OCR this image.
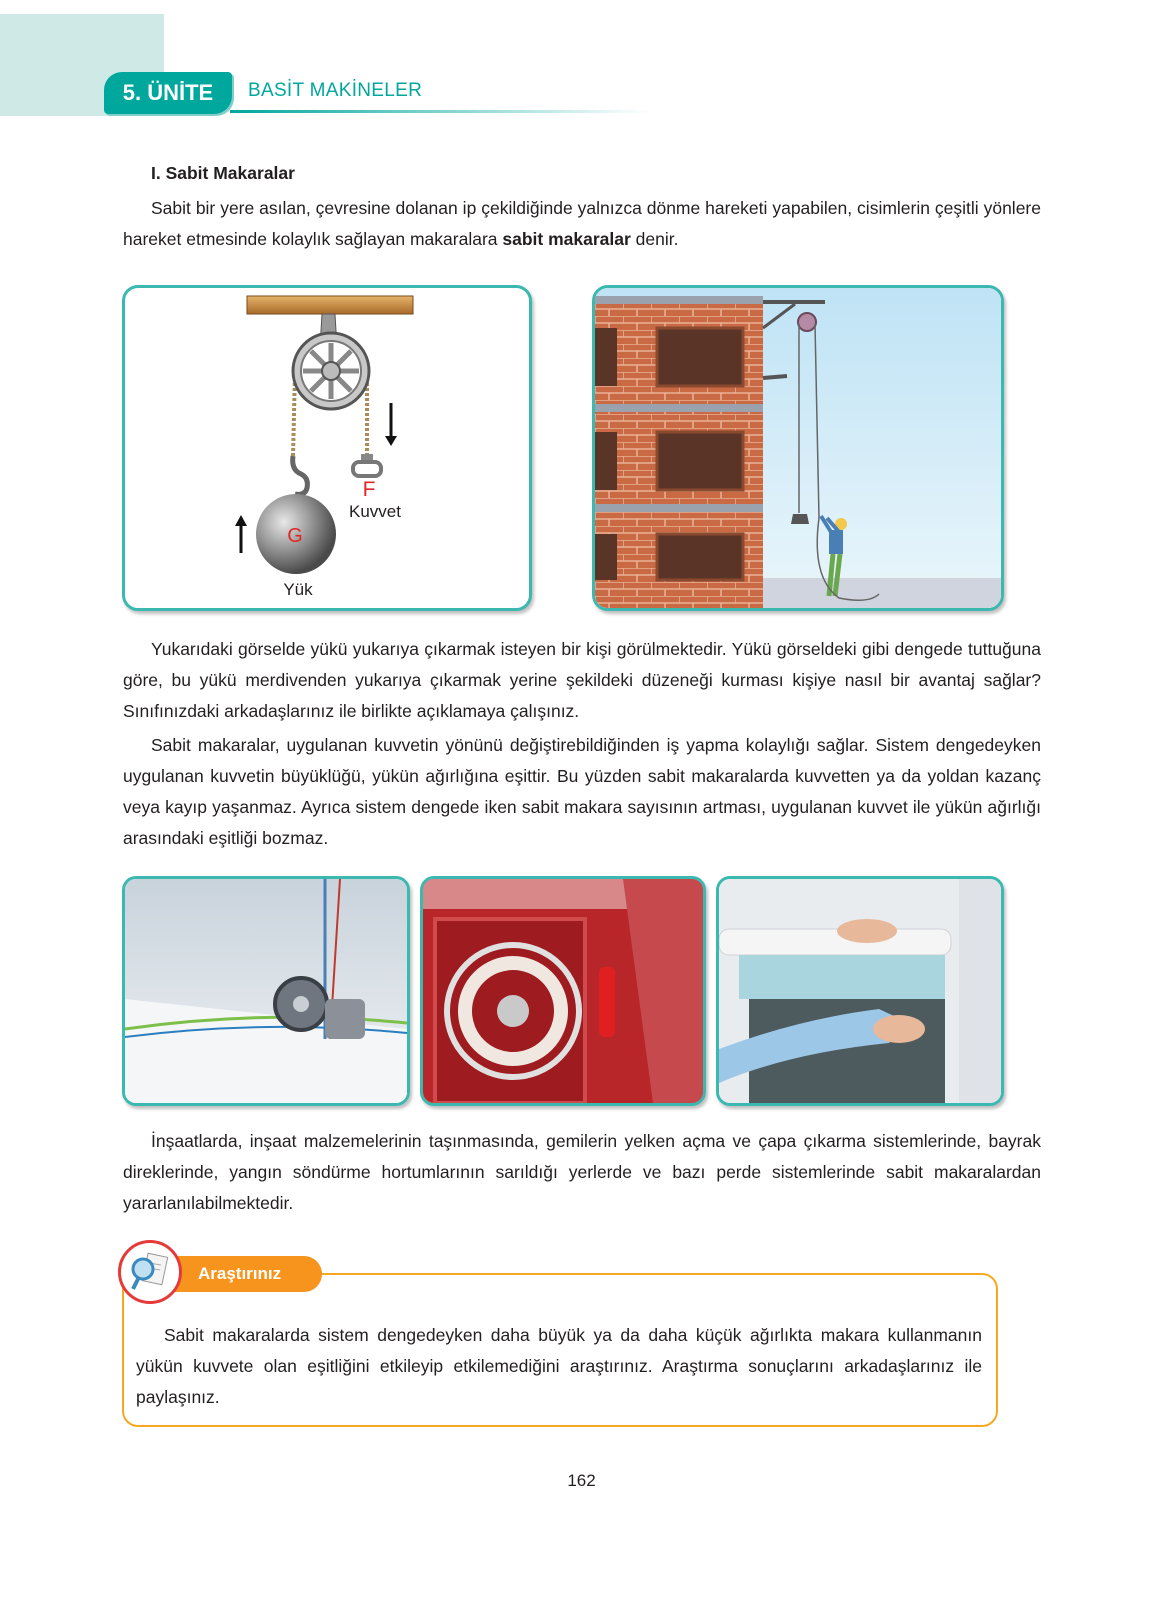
5. ÜNİTE	BASİT MAKİNELER
I. Sabit Makaralar

Sabit bir yere asılan, çevresine dolanan ip çekildiğinde yalnızca dönme hareketi yapabilen, cisimlerin çeşitli yönlere hareket etmesinde kolaylık sağlayan makaralara sabit makaralar denir.

G
F
Kuvvet
Yük

Yukarıdaki görselde yükü yukarıya çıkarmak isteyen bir kişi görülmektedir. Yükü görseldeki gibi dengede tuttuğuna göre, bu yükü merdivenden yukarıya çıkarmak yerine şekildeki düzeneği kurması kişiye nasıl bir avantaj sağlar? Sınıfınızdaki arkadaşlarınız ile birlikte açıklamaya çalışınız.

Sabit makaralar, uygulanan kuvvetin yönünü değiştirebildiğinden iş yapma kolaylığı sağlar. Sistem dengedeyken uygulanan kuvvetin büyüklüğü, yükün ağırlığına eşittir. Bu yüzden sabit makaralarda kuvvetten ya da yoldan kazanç veya kayıp yaşanmaz. Ayrıca sistem dengede iken sabit makara sayısının artması, uygulanan kuvvet ile yükün ağırlığı arasındaki eşitliği bozmaz.

İnşaatlarda, inşaat malzemelerinin taşınmasında, gemilerin yelken açma ve çapa çıkarma sistemlerinde, bayrak direklerinde, yangın söndürme hortumlarının sarıldığı yerlerde ve bazı perde sistemlerinde sabit makaralardan yararlanılabilmektedir.

Araştırınız

Sabit makaralarda sistem dengedeyken daha büyük ya da daha küçük ağırlıkta makara kullanmanın yükün kuvvete olan eşitliğini etkileyip etkilemediğini araştırınız. Araştırma sonuçlarını arkadaşlarınız ile paylaşınız.

162
